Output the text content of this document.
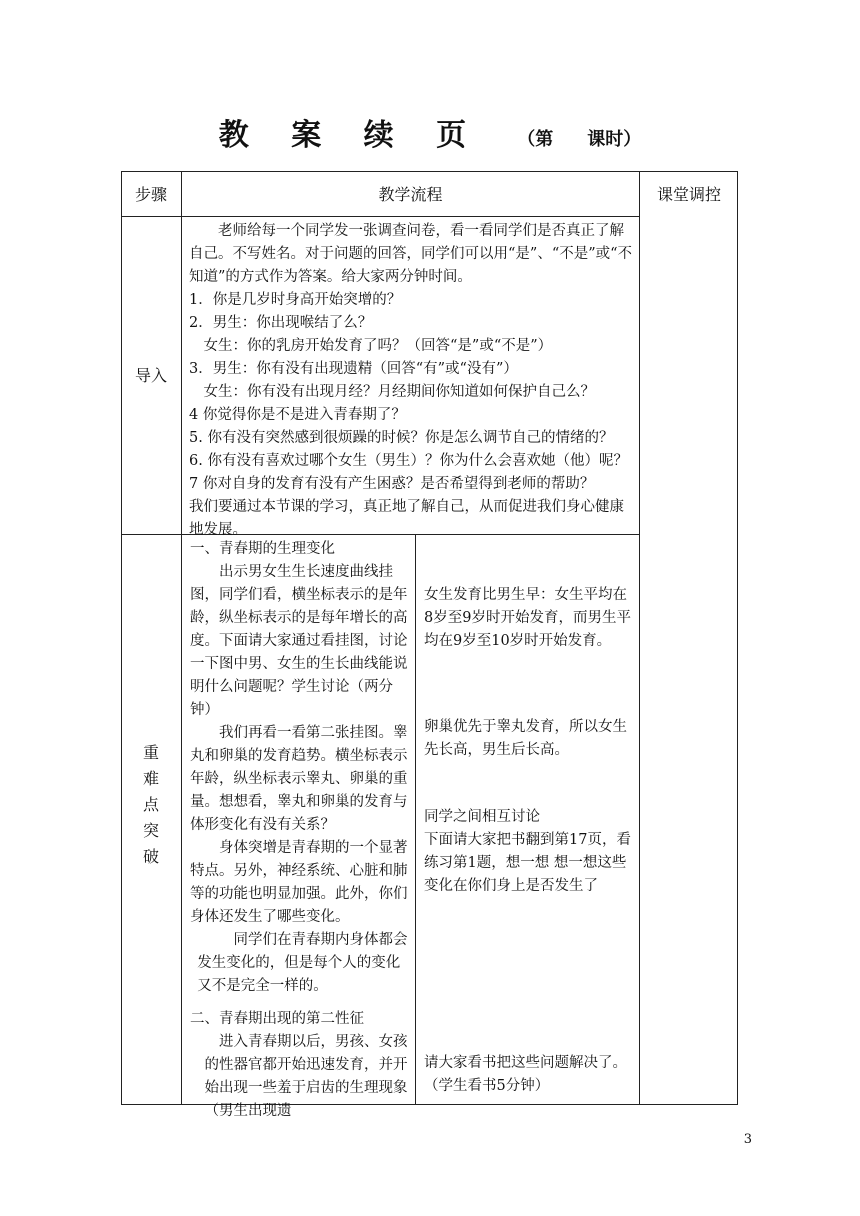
教 案 续 页 （第 课时）
步骤	教学流程	课堂调控
导入

老师给每一个同学发一张调查问卷，看一看同学们是否真正了解自己。不写姓名。对于问题的回答，同学们可以用“是”、“不是”或“不知道”的方式作为答案。给大家两分钟时间。

1．你是几岁时身高开始突增的？

2．男生：你出现喉结了么？

女生：你的乳房开始发育了吗？（回答“是”或“不是”）

3．男生：你有没有出现遗精（回答“有”或“没有”）

女生：你有没有出现月经？月经期间你知道如何保护自己么？

4 你觉得你是不是进入青春期了？

5. 你有没有突然感到很烦躁的时候？你是怎么调节自己的情绪的？

6. 你有没有喜欢过哪个女生（男生）？你为什么会喜欢她（他）呢？

7 你对自身的发育有没有产生困惑？是否希望得到老师的帮助？

我们要通过本节课的学习，真正地了解自己，从而促进我们身心健康地发展。

重
难
点
突
破

一、青春期的生理变化

出示男女生生长速度曲线挂图，同学们看，横坐标表示的是年龄，纵坐标表示的是每年增长的高度。下面请大家通过看挂图，讨论一下图中男、女生的生长曲线能说明什么问题呢？学生讨论（两分钟）

我们再看一看第二张挂图。睾丸和卵巢的发育趋势。横坐标表示年龄，纵坐标表示睾丸、卵巢的重量。想想看，睾丸和卵巢的发育与体形变化有没有关系？

身体突增是青春期的一个显著特点。另外，神经系统、心脏和肺等的功能也明显加强。此外，你们身体还发生了哪些变化。

同学们在青春期内身体都会发生变化的，但是每个人的变化又不是完全一样的。

二、青春期出现的第二性征

进入青春期以后，男孩、女孩的性器官都开始迅速发育，并开始出现一些羞于启齿的生理现象（男生出现遗

女生发育比男生早：女生平均在8岁至9岁时开始发育，而男生平均在9岁至10岁时开始发育。
卵巢优先于睾丸发育，所以女生先长高，男生后长高。

同学之间相互讨论

下面请大家把书翻到第17页，看练习第1题，想一想 想一想这些变化在你们身上是否发生了

请大家看书把这些问题解决了。（学生看书5分钟）
3
